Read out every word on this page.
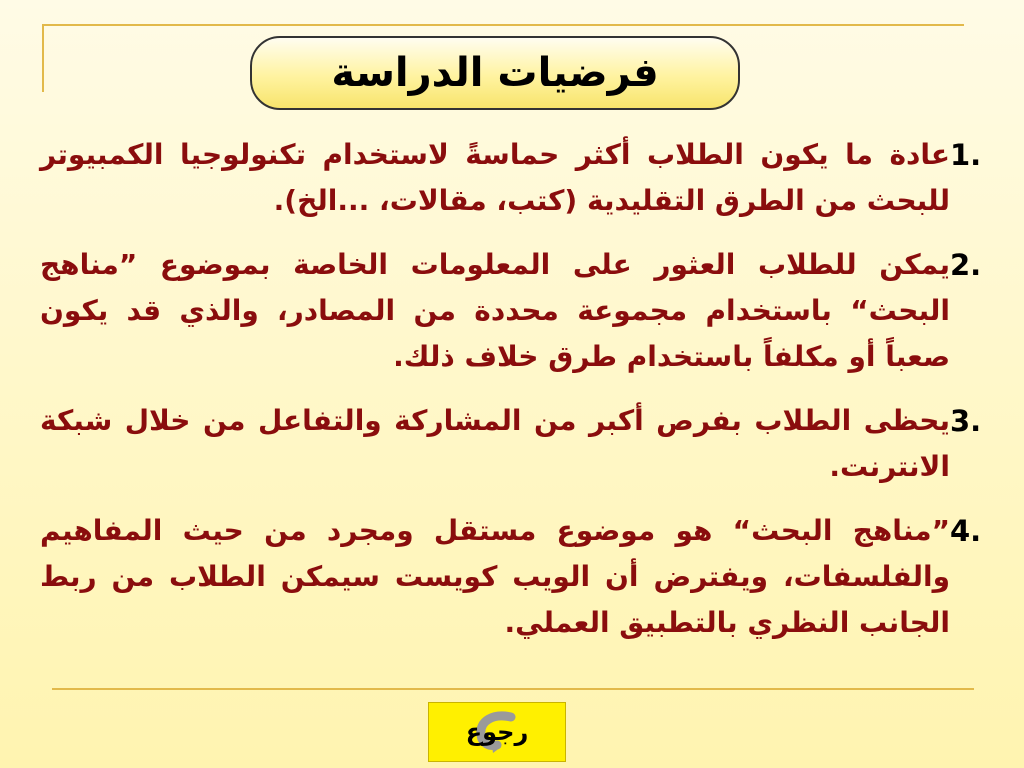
فرضيات الدراسة
1.
عادة ما يكون الطلاب أكثر حماسةً لاستخدام تكنولوجيا الكمبيوتر للبحث من الطرق التقليدية (كتب، مقالات، ...الخ).
2.
يمكن للطلاب العثور على المعلومات الخاصة بموضوع ”مناهج البحث“ باستخدام مجموعة محددة من المصادر، والذي قد يكون صعباً أو مكلفاً باستخدام طرق خلاف ذلك.
3.
يحظى الطلاب بفرص أكبر من المشاركة والتفاعل من خلال شبكة الانترنت.
4.
”مناهج البحث“ هو موضوع مستقل ومجرد من حيث المفاهيم والفلسفات، ويفترض أن الويب كويست سيمكن الطلاب من ربط الجانب النظري بالتطبيق العملي.
رجوع
